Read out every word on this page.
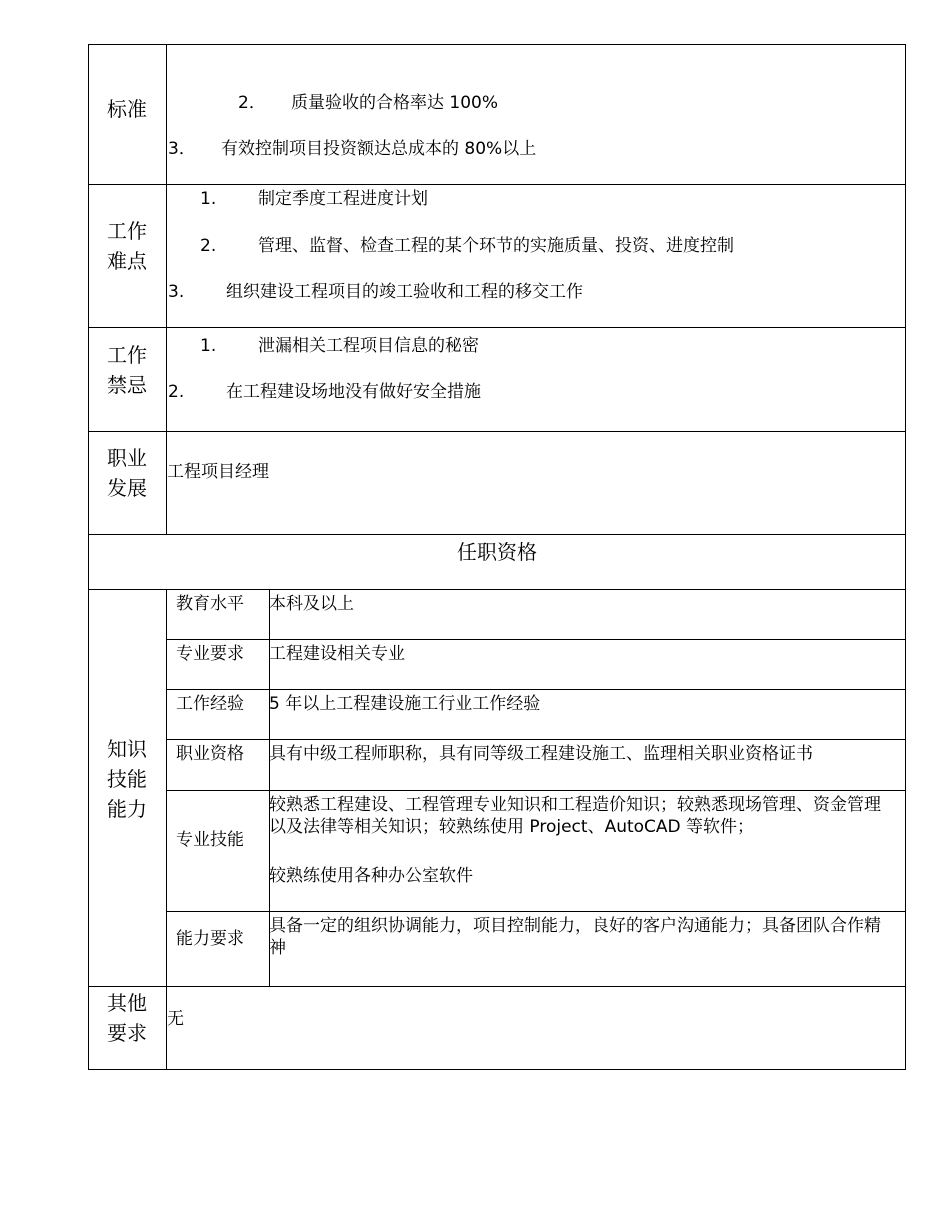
标准	2． 质量验收的合格率达 100%
3． 有效控制项目投资额达总成本的 80%以上
工作
难点
1. 制定季度工程进度计划
2. 管理、监督、检查工程的某个环节的实施质量、投资、进度控制
3. 组织建设工程项目的竣工验收和工程的移交工作
工作
禁忌
1. 泄漏相关工程项目信息的秘密
2. 在工程建设场地没有做好安全措施
职业
发展
工程项目经理
任职资格
知识
技能
能力
教育水平 本科及以上
专业要求 工程建设相关专业
工作经验 5 年以上工程建设施工行业工作经验
职业资格 具有中级工程师职称，具有同等级工程建设施工、监理相关职业资格证书
专业技能
较熟悉工程建设、工程管理专业知识和工程造价知识；较熟悉现场管理、资金管理以及法律等相关知识；较熟练使用 Project、AutoCAD 等软件；
较熟练使用各种办公室软件
能力要求
具备一定的组织协调能力，项目控制能力，良好的客户沟通能力；具备团队合作精神
其他
要求
无
